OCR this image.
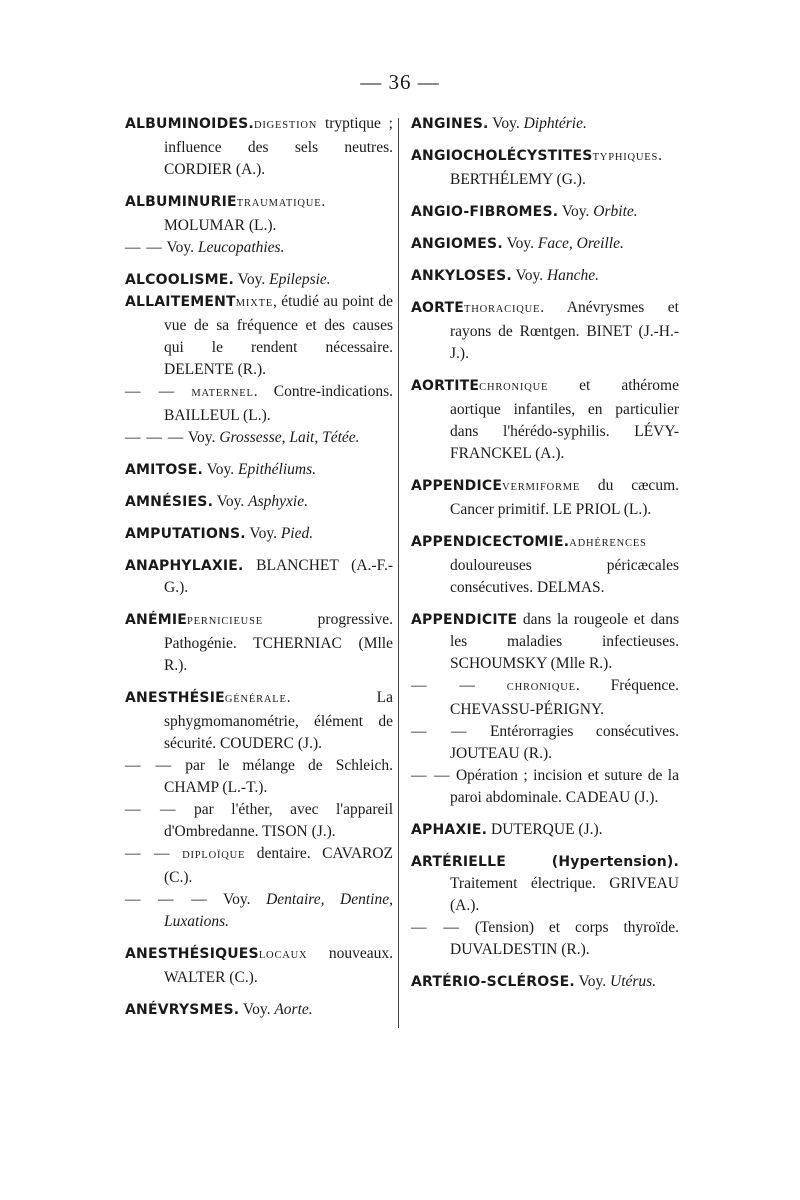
— 36 —

ALBUMINOIDES.DIGESTION tryptique ; influence des sels neutres. CORDIER (A.).

ALBUMINURIETRAUMATIQUE. MOLUMAR (L.).

— — Voy. Leucopathies.

ALCOOLISME. Voy. Epilepsie.

ALLAITEMENTMIXTE, étudié au point de vue de sa fréquence et des causes qui le rendent nécessaire. DELENTE (R.).

— — MATERNEL. Contre-indications. BAILLEUL (L.).

— — — Voy. Grossesse, Lait, Tétée.

AMITOSE. Voy. Epithéliums.

AMNÉSIES. Voy. Asphyxie.

AMPUTATIONS. Voy. Pied.

ANAPHYLAXIE. BLANCHET (A.-F.-G.).

ANÉMIEPERNICIEUSE progressive. Pathogénie. TCHERNIAC (Mlle R.).

ANESTHÉSIEGÉNÉRALE. La sphygmomanométrie, élément de sécurité. COUDERC (J.).

— — par le mélange de Schleich. CHAMP (L.-T.).

— — par l'éther, avec l'appareil d'Ombredanne. TISON (J.).

— — DIPLOÏQUE dentaire. CAVAROZ (C.).

— — — Voy. Dentaire, Dentine, Luxations.

ANESTHÉSIQUESLOCAUX nouveaux. WALTER (C.).

ANÉVRYSMES. Voy. Aorte.

ANGINES. Voy. Diphtérie.

ANGIOCHOLÉCYSTITESTYPHIQUES. BERTHÉLEMY (G.).

ANGIO-FIBROMES. Voy. Orbite.

ANGIOMES. Voy. Face, Oreille.

ANKYLOSES. Voy. Hanche.

AORTETHORACIQUE. Anévrysmes et rayons de Rœntgen. BINET (J.-H.-J.).

AORTITECHRONIQUE et athérome aortique infantiles, en particulier dans l'hérédo-syphilis. LÉVY-FRANCKEL (A.).

APPENDICEVERMIFORME du cæcum. Cancer primitif. LE PRIOL (L.).

APPENDICECTOMIE.ADHÉRENCES douloureuses péricæcales consécutives. DELMAS.

APPENDICITE dans la rougeole et dans les maladies infectieuses. SCHOUMSKY (Mlle R.).

— —	CHRONIQUE. Fréquence. CHEVASSU-PÉRIGNY.

— — Entérorragies consécutives. JOUTEAU (R.).

— — Opération ; incision et suture de la paroi abdominale. CADEAU (J.).

APHAXIE. DUTERQUE (J.).

ARTÉRIELLE (Hypertension). Traitement électrique. GRIVEAU (A.).

— — (Tension) et corps thyroïde. DUVALDESTIN (R.).

ARTÉRIO-SCLÉROSE. Voy. Utérus.
